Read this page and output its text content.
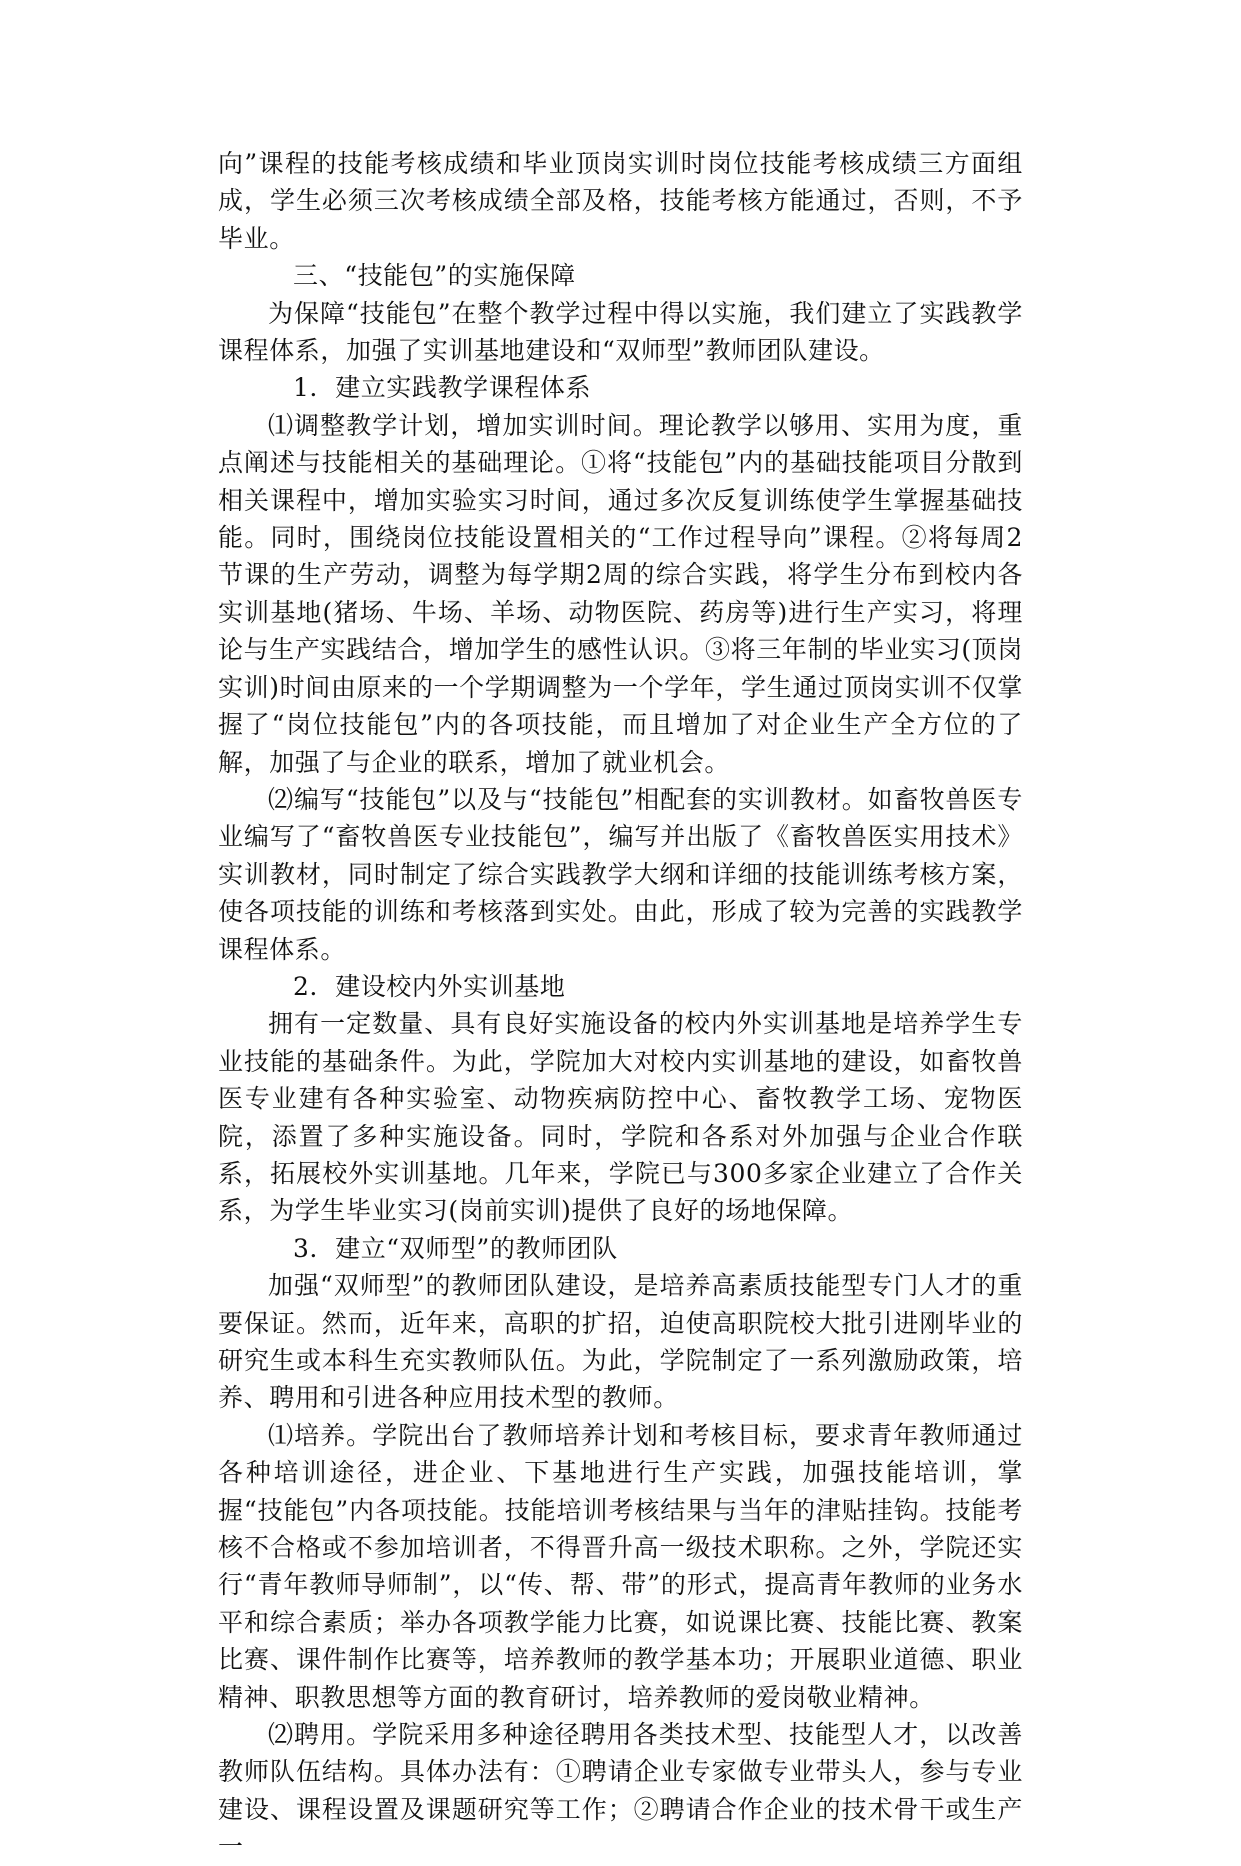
向”课程的技能考核成绩和毕业顶岗实训时岗位技能考核成绩三方面组成，学生必须三次考核成绩全部及格，技能考核方能通过，否则，不予毕业。

三、“技能包”的实施保障

为保障“技能包”在整个教学过程中得以实施，我们建立了实践教学课程体系，加强了实训基地建设和“双师型”教师团队建设。

1．建立实践教学课程体系

⑴调整教学计划，增加实训时间。理论教学以够用、实用为度，重点阐述与技能相关的基础理论。①将“技能包”内的基础技能项目分散到相关课程中，增加实验实习时间，通过多次反复训练使学生掌握基础技能。同时，围绕岗位技能设置相关的“工作过程导向”课程。②将每周2节课的生产劳动，调整为每学期2周的综合实践，将学生分布到校内各实训基地(猪场、牛场、羊场、动物医院、药房等)进行生产实习，将理论与生产实践结合，增加学生的感性认识。③将三年制的毕业实习(顶岗实训)时间由原来的一个学期调整为一个学年，学生通过顶岗实训不仅掌握了“岗位技能包”内的各项技能，而且增加了对企业生产全方位的了解，加强了与企业的联系，增加了就业机会。

⑵编写“技能包”以及与“技能包”相配套的实训教材。如畜牧兽医专业编写了“畜牧兽医专业技能包”，编写并出版了《畜牧兽医实用技术》实训教材，同时制定了综合实践教学大纲和详细的技能训练考核方案，使各项技能的训练和考核落到实处。由此，形成了较为完善的实践教学课程体系。

2．建设校内外实训基地

拥有一定数量、具有良好实施设备的校内外实训基地是培养学生专业技能的基础条件。为此，学院加大对校内实训基地的建设，如畜牧兽医专业建有各种实验室、动物疾病防控中心、畜牧教学工场、宠物医院，添置了多种实施设备。同时，学院和各系对外加强与企业合作联系，拓展校外实训基地。几年来，学院已与300多家企业建立了合作关系，为学生毕业实习(岗前实训)提供了良好的场地保障。

3．建立“双师型”的教师团队

加强“双师型”的教师团队建设，是培养高素质技能型专门人才的重要保证。然而，近年来，高职的扩招，迫使高职院校大批引进刚毕业的研究生或本科生充实教师队伍。为此，学院制定了一系列激励政策，培养、聘用和引进各种应用技术型的教师。

⑴培养。学院出台了教师培养计划和考核目标，要求青年教师通过各种培训途径，进企业、下基地进行生产实践，加强技能培训，掌握“技能包”内各项技能。技能培训考核结果与当年的津贴挂钩。技能考核不合格或不参加培训者，不得晋升高一级技术职称。之外，学院还实行“青年教师导师制”，以“传、帮、带”的形式，提高青年教师的业务水平和综合素质；举办各项教学能力比赛，如说课比赛、技能比赛、教案比赛、课件制作比赛等，培养教师的教学基本功；开展职业道德、职业精神、职教思想等方面的教育研讨，培养教师的爱岗敬业精神。

⑵聘用。学院采用多种途径聘用各类技术型、技能型人才，以改善教师队伍结构。具体办法有：①聘请企业专家做专业带头人，参与专业建设、课程设置及课题研究等工作；②聘请合作企业的技术骨干或生产一
